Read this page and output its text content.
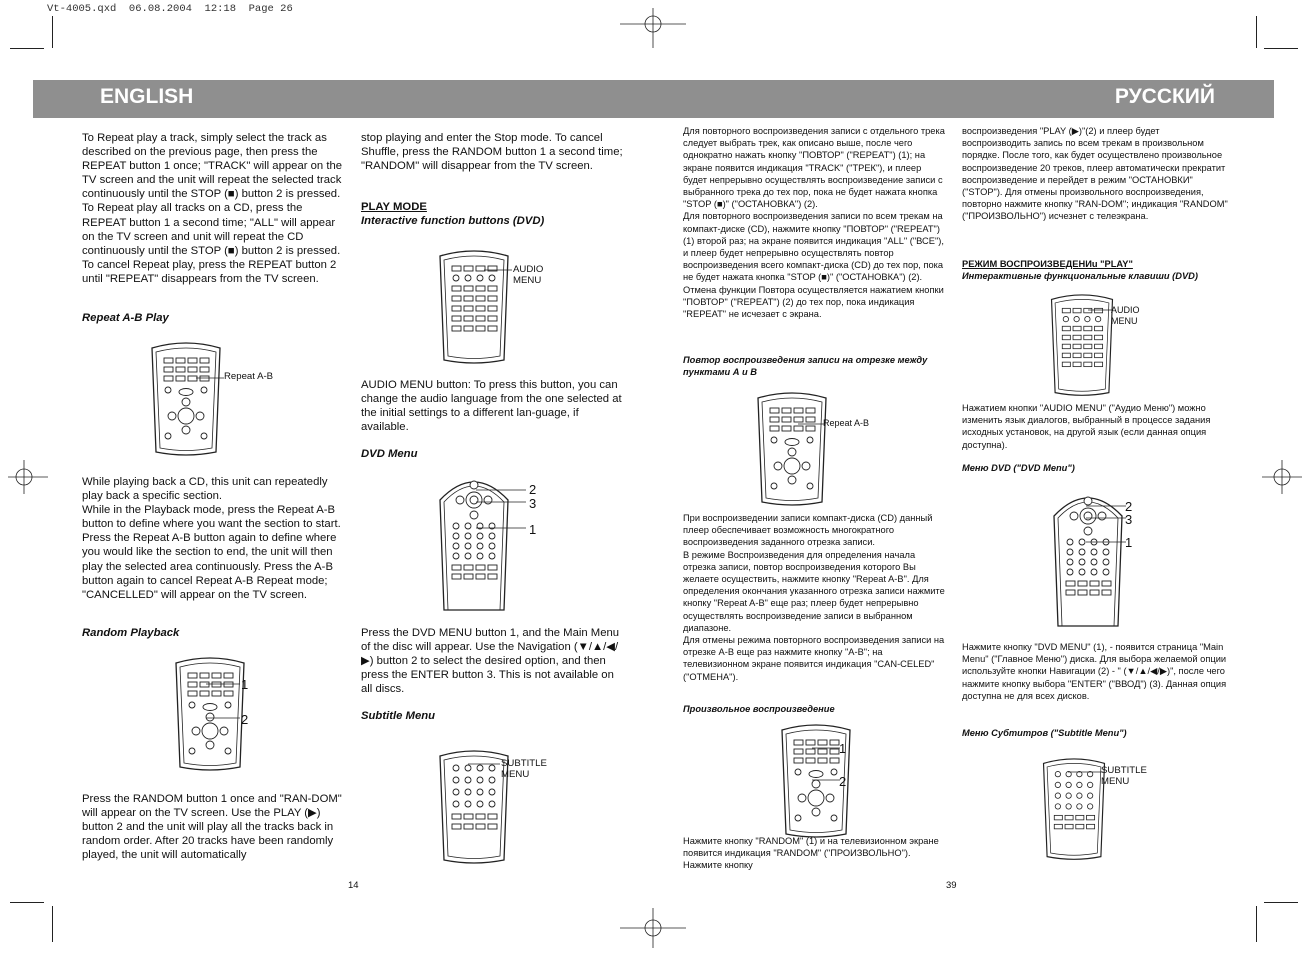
Vt-4005.qxd  06.08.2004  12:18  Page 26
ENGLISH	РУССКИЙ

To Repeat play a track, simply select the track as described on the previous page, then press the REPEAT button 1 once; "TRACK" will appear on the TV screen and the unit will repeat the selected track continuously until the STOP (■) button 2 is pressed. To Repeat play all tracks on a CD, press the REPEAT button 1 a second time; "ALL" will appear on the TV screen and unit will repeat the CD continuously until the STOP (■) button 2 is pressed. To cancel Repeat play, press the REPEAT button 2 until "REPEAT" disappears from the TV screen.

Repeat A-B Play
Repeat A-B

While playing back a CD, this unit can repeatedly play back a specific section.

While in the Playback mode, press the Repeat A-B button to define where you want the section to start. Press the Repeat A-B button again to define where you would like the section to end, the unit will then play the selected area continuously. Press the A-B button again to cancel Repeat A-B Repeat mode; "CANCELLED" will appear on the TV screen.

Random Playback
1
2

Press the RANDOM button 1 once and "RAN-DOM" will appear on the TV screen. Use the PLAY (▶) button 2 and the unit will play all the tracks back in random order. After 20 tracks have been randomly played, the unit will automatically

14

stop playing and enter the Stop mode. To cancel Shuffle, press the RANDOM button 1 a second time; "RANDOM" will disappear from the TV screen.

PLAY MODE
Interactive function buttons (DVD)
AUDIO MENU

AUDIO MENU button: To press this button, you can change the audio language from the one selected at the initial settings to a different lan-guage, if available.

DVD Menu
2
3
1

Press the DVD MENU button 1, and the Main Menu of the disc will appear. Use the Navigation (▼/▲/◀/▶) button 2 to select the desired option, and then press the ENTER button 3. This is not available on all discs.

Subtitle Menu
SUBTITLE MENU

Для повторного воспроизведения записи с отдельного трека следует выбрать трек, как описано выше, после чего однократно нажать кнопку "ПОВТОР" ("REPEAT") (1); на экране появится индикация "TRACK" ("ТРЕК"), и плеер будет непрерывно осуществлять воспроизведение записи с выбранного трека до тех пор, пока не будет нажата кнопка "STOP (■)" ("ОСТАНОВКА") (2).

Для повторного воспроизведения записи по всем трекам на компакт-диске (CD), нажмите кнопку "ПОВТОР" ("REPEAT") (1) второй раз; на экране появится индикация "ALL" ("ВСЕ"), и плеер будет непрерывно осуществлять повтор воспроизведения всего компакт-диска (CD) до тех пор, пока не будет нажата кнопка "STOP (■)" ("ОСТАНОВКА") (2).

Отмена функции Повтора осуществляется нажатием кнопки "ПОВТОР" ("REPEAT") (2) до тех пор, пока индикация "REPEAT" не исчезает с экрана.

Повтор воспроизведения записи на отрезке между пунктами А и В
Repeat A-B

При воспроизведении записи компакт-диска (CD) данный плеер обеспечивает возможность многократного воспроизведения заданного отрезка записи.

В режиме Воспроизведения для определения начала отрезка записи, повтор воспроизведения которого Вы желаете осуществить, нажмите кнопку "Repeat A-B". Для определения окончания указанного отрезка записи нажмите кнопку "Repeat A-B" еще раз; плеер будет непрерывно осуществлять воспроизведение записи в выбранном диапазоне.

Для отмены режима повторного воспроизведения записи на отрезке А-В еще раз нажмите кнопку "А-В"; на телевизионном экране появится индикация "CAN-CELED" ("ОТМЕНА").

Произвольное воспроизведение
1
2

Нажмите кнопку "RANDOM" (1) и на телевизионном экране появится индикация "RANDOM" ("ПРОИЗВОЛЬНО"). Нажмите кнопку

39

воспроизведения "PLAY (▶)"(2) и плеер будет воспроизводить запись по всем трекам в произвольном порядке. После того, как будет осуществлено произвольное воспроизведение 20 треков, плеер автоматически прекратит воспроизведение и перейдет в режим "ОСТАНОВКИ" ("STOP"). Для отмены произвольного воспроизведения, повторно нажмите кнопку "RAN-DOM"; индикация "RANDOM" ("ПРОИЗВОЛЬНО") исчезнет с телеэкрана.

РЕЖИМ ВОСПРОИЗВЕДЕНИu "PLAY"
Интерактивные функциональные клавиши (DVD)
AUDIO MENU

Нажатием кнопки "AUDIO MENU" ("Аудио Меню") можно изменить язык диалогов, выбранный в процессе задания исходных установок, на другой язык (если данная опция доступна).

Меню DVD ("DVD Menu")
2
3
1

Нажмите кнопку "DVD MENU" (1), - появится страница "Main Menu" ("Главное Меню") диска. Для выбора желаемой опции используйте кнопки Навигации (2) - " (▼/▲/◀/▶)", после чего нажмите кнопку выбора "ENTER" ("ВВОД") (3). Данная опция доступна не для всех дисков.

Меню Субтитров ("Subtitle Menu")
SUBTITLE MENU
